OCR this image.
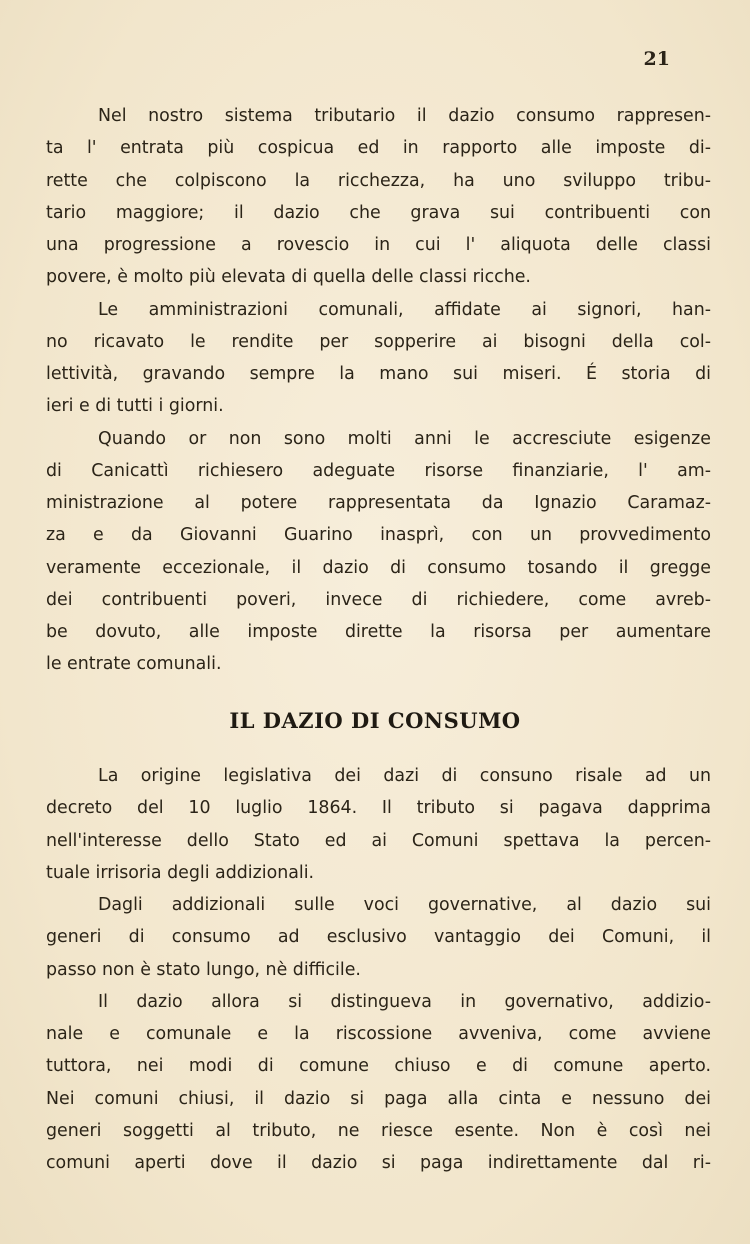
21

Nel nostro sistema tributario il dazio consumo rappresen-
ta l' entrata più cospicua ed in rapporto alle imposte di-
rette che colpiscono la ricchezza, ha uno sviluppo tribu-
tario maggiore; il dazio che grava sui contribuenti con
una progressione a rovescio in cui l' aliquota delle classi
povere, è molto più elevata di quella delle classi ricche.

Le amministrazioni comunali, affidate ai signori, han-
no ricavato le rendite per sopperire ai bisogni della col-
lettività, gravando sempre la mano sui miseri. É storia di
ieri e di tutti i giorni.

Quando or non sono molti anni le accresciute esigenze
di Canicattì richiesero adeguate risorse finanziarie, l' am-
ministrazione al potere rappresentata da Ignazio Caramaz-
za e da Giovanni Guarino inasprì, con un provvedimento
veramente eccezionale, il dazio di consumo tosando il gregge
dei contribuenti poveri, invece di richiedere, come avreb-
be dovuto, alle imposte dirette la risorsa per aumentare
le entrate comunali.

IL DAZIO DI CONSUMO

La origine legislativa dei dazi di consuno risale ad un
decreto del 10 luglio 1864. Il tributo si pagava dapprima
nell'interesse dello Stato ed ai Comuni spettava la percen-
tuale irrisoria degli addizionali.

Dagli addizionali sulle voci governative, al dazio sui
generi di consumo ad esclusivo vantaggio dei Comuni, il
passo non è stato lungo, nè difficile.

Il dazio allora si distingueva in governativo, addizio-
nale e comunale e la riscossione avveniva, come avviene
tuttora, nei modi di comune chiuso e di comune aperto.
Nei comuni chiusi, il dazio si paga alla cinta e nessuno dei
generi soggetti al tributo, ne riesce esente. Non è così nei
comuni aperti dove il dazio si paga indirettamente dal ri-
